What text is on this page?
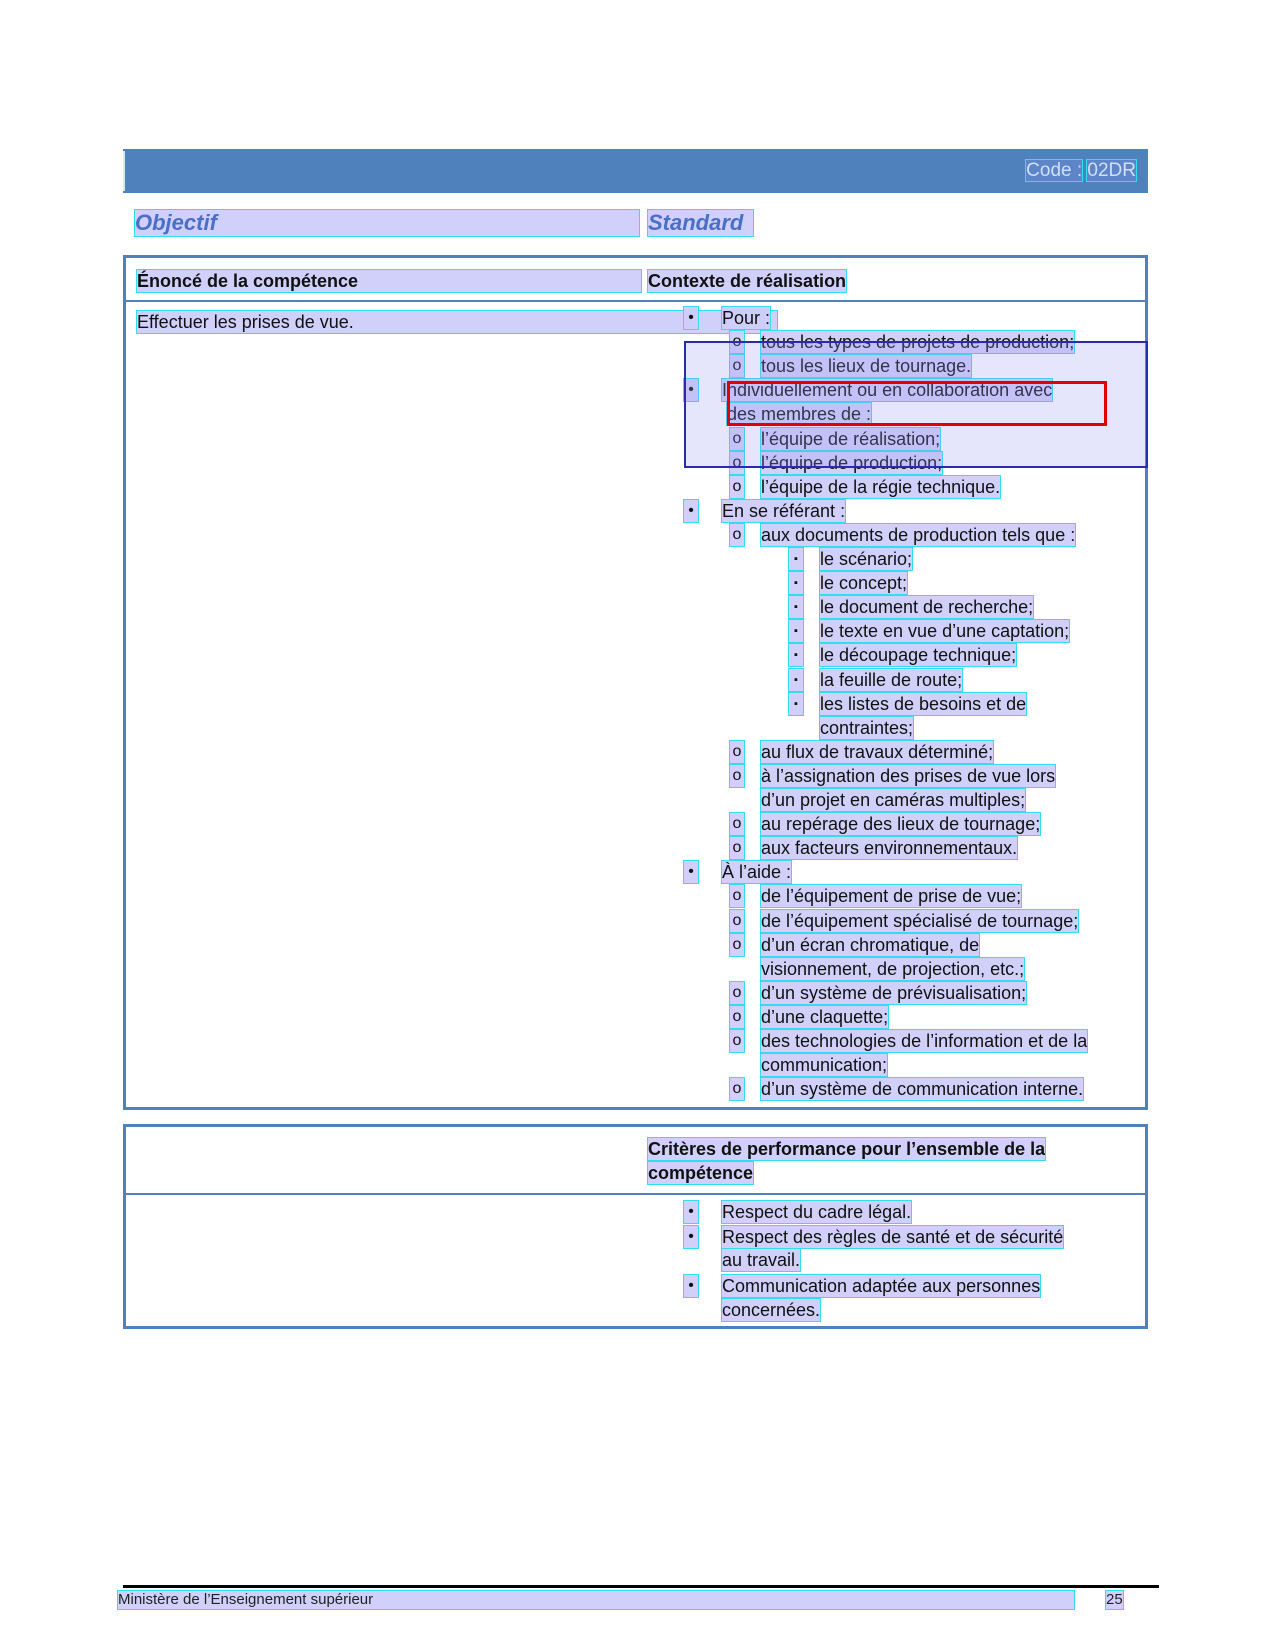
Code : 02DR
Objectif	Standard
Énoncé de la compétence	Contexte de réalisation
Effectuer les prises de vue.	• Pour :
o tous les types de projets de production;
o tous les lieux de tournage.
• Individuellement ou en collaboration avec
des membres de :
o l’équipe de réalisation;
o l’équipe de production;
o l’équipe de la régie technique.
• En se référant :
o aux documents de production tels que :
▪ le scénario;
▪ le concept;
▪ le document de recherche;
▪ le texte en vue d’une captation;
▪ le découpage technique;
▪ la feuille de route;
▪ les listes de besoins et de
contraintes;
o au flux de travaux déterminé;
o à l’assignation des prises de vue lors
d’un projet en caméras multiples;
o au repérage des lieux de tournage;
o aux facteurs environnementaux.
• À l’aide :
o de l’équipement de prise de vue;
o de l’équipement spécialisé de tournage;
o d’un écran chromatique, de
visionnement, de projection, etc.;
o d’un système de prévisualisation;
o d’une claquette;
o des technologies de l’information et de la
communication;
o d’un système de communication interne.
Critères de performance pour l’ensemble de la
compétence
• Respect du cadre légal.
• Respect des règles de santé et de sécurité
au travail.
• Communication adaptée aux personnes
concernées.
Ministère de l’Enseignement supérieur	25
